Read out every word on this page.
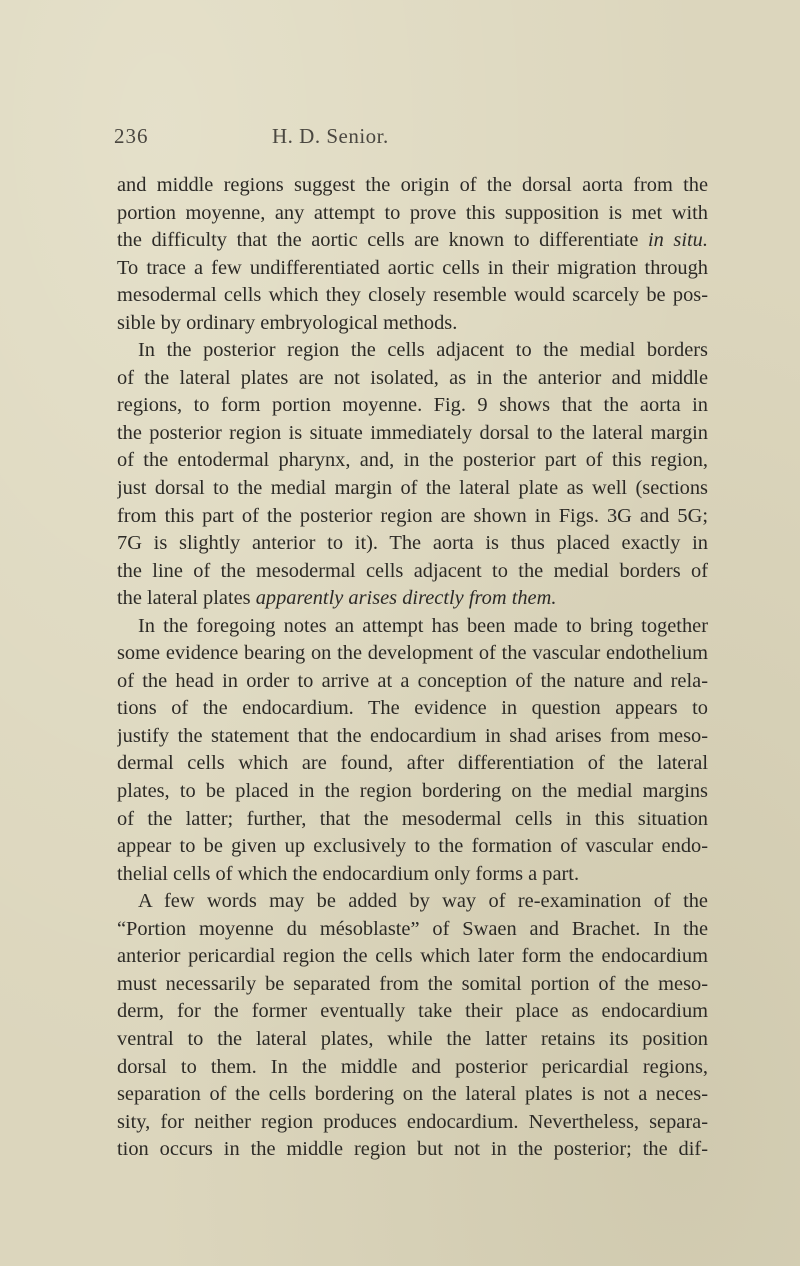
236	H. D. Senior.
and middle regions suggest the origin of the dorsal aorta from the
portion moyenne, any attempt to prove this supposition is met with
the difficulty that the aortic cells are known to differentiate in situ.
To trace a few undifferentiated aortic cells in their migration through
mesodermal cells which they closely resemble would scarcely be pos-
sible by ordinary embryological methods.
In the posterior region the cells adjacent to the medial borders
of the lateral plates are not isolated, as in the anterior and middle
regions, to form portion moyenne. Fig. 9 shows that the aorta in
the posterior region is situate immediately dorsal to the lateral margin
of the entodermal pharynx, and, in the posterior part of this region,
just dorsal to the medial margin of the lateral plate as well (sections
from this part of the posterior region are shown in Figs. 3G and 5G;
7G is slightly anterior to it). The aorta is thus placed exactly in
the line of the mesodermal cells adjacent to the medial borders of
the lateral plates apparently arises directly from them.
In the foregoing notes an attempt has been made to bring together
some evidence bearing on the development of the vascular endothelium
of the head in order to arrive at a conception of the nature and rela-
tions of the endocardium. The evidence in question appears to
justify the statement that the endocardium in shad arises from meso-
dermal cells which are found, after differentiation of the lateral
plates, to be placed in the region bordering on the medial margins
of the latter; further, that the mesodermal cells in this situation
appear to be given up exclusively to the formation of vascular endo-
thelial cells of which the endocardium only forms a part.
A few words may be added by way of re-examination of the
“Portion moyenne du mésoblaste” of Swaen and Brachet. In the
anterior pericardial region the cells which later form the endocardium
must necessarily be separated from the somital portion of the meso-
derm, for the former eventually take their place as endocardium
ventral to the lateral plates, while the latter retains its position
dorsal to them. In the middle and posterior pericardial regions,
separation of the cells bordering on the lateral plates is not a neces-
sity, for neither region produces endocardium. Nevertheless, separa-
tion occurs in the middle region but not in the posterior; the dif-
